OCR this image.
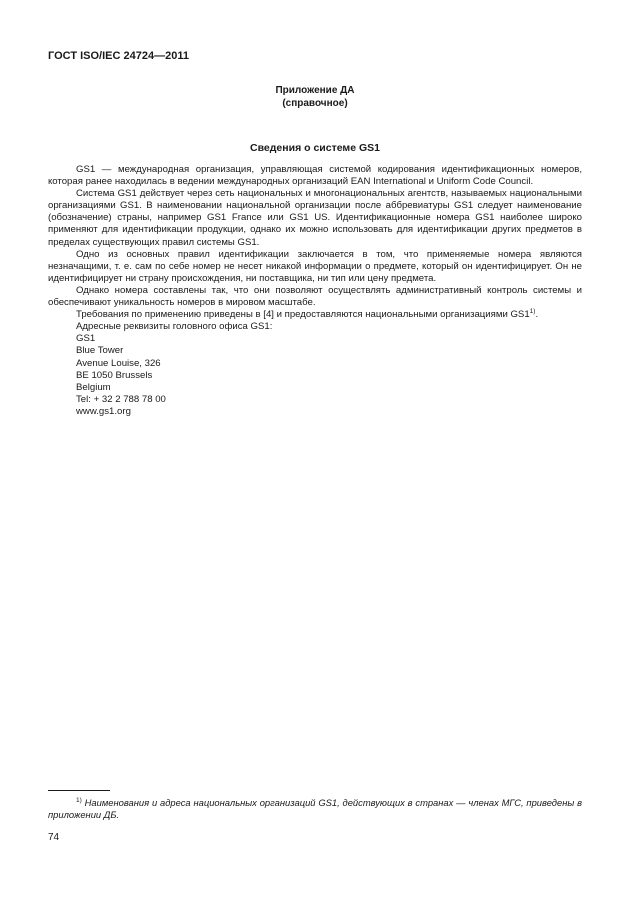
ГОСТ ISO/IEC 24724—2011
Приложение ДА
(справочное)
Сведения о системе GS1

GS1 — международная организация, управляющая системой кодирования идентификационных номеров, которая ранее находилась в ведении международных организаций EAN International и Uniform Code Council.

Система GS1 действует через сеть национальных и многонациональных агентств, называемых национальными организациями GS1. В наименовании национальной организации после аббревиатуры GS1 следует наименование (обозначение) страны, например GS1 France или GS1 US. Идентификационные номера GS1 наиболее широко применяют для идентификации продукции, однако их можно использовать для идентификации других предметов в пределах существующих правил системы GS1.

Одно из основных правил идентификации заключается в том, что применяемые номера являются незначащими, т. е. сам по себе номер не несет никакой информации о предмете, который он идентифицирует. Он не идентифицирует ни страну происхождения, ни поставщика, ни тип или цену предмета.

Однако номера составлены так, что они позволяют осуществлять административный контроль системы и обеспечивают уникальность номеров в мировом масштабе.

Требования по применению приведены в [4] и предоставляются национальными организациями GS1$^{1)}$.

Адресные реквизиты головного офиса GS1:

GS1
Blue Tower
Avenue Louise, 326
BE 1050 Brussels
Belgium
Tel: + 32 2 788 78 00
www.gs1.org

$^{1)}$ Наименования и адреса национальных организаций GS1, действующих в странах — членах МГС, приведены в приложении ДБ.

74
